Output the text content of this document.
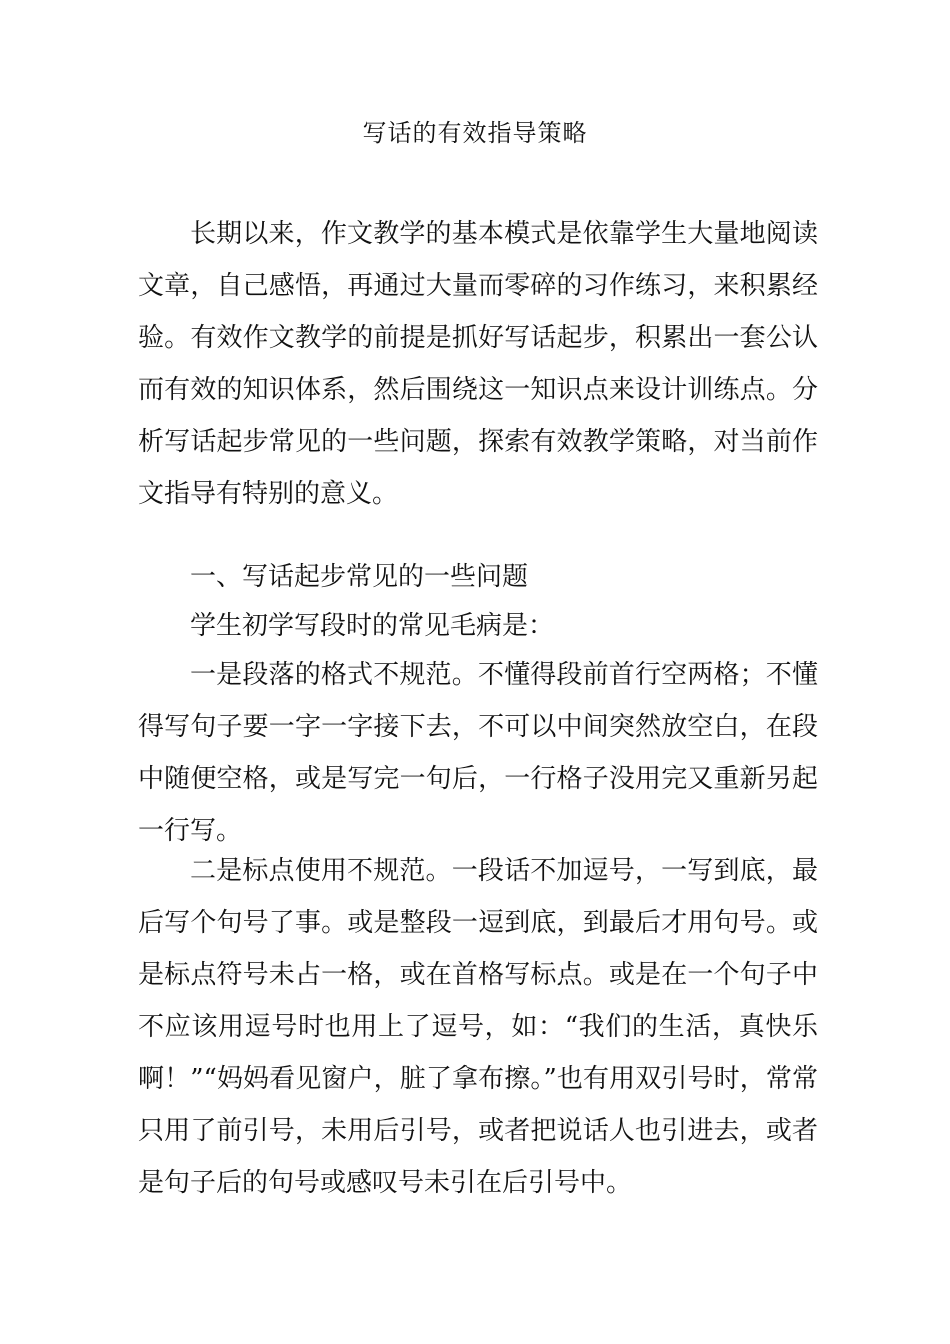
写话的有效指导策略

长期以来，作文教学的基本模式是依靠学生大量地阅读文章，自己感悟，再通过大量而零碎的习作练习，来积累经验。有效作文教学的前提是抓好写话起步，积累出一套公认而有效的知识体系，然后围绕这一知识点来设计训练点。分析写话起步常见的一些问题，探索有效教学策略，对当前作文指导有特别的意义。

一、写话起步常见的一些问题

学生初学写段时的常见毛病是：

一是段落的格式不规范。不懂得段前首行空两格；不懂得写句子要一字一字接下去，不可以中间突然放空白，在段中随便空格，或是写完一句后，一行格子没用完又重新另起一行写。

二是标点使用不规范。一段话不加逗号，一写到底，最后写个句号了事。或是整段一逗到底，到最后才用句号。或是标点符号未占一格，或在首格写标点。或是在一个句子中不应该用逗号时也用上了逗号，如：“我们的生活，真快乐啊！”“妈妈看见窗户，脏了拿布擦。”也有用双引号时，常常只用了前引号，未用后引号，或者把说话人也引进去，或者是句子后的句号或感叹号未引在后引号中。
